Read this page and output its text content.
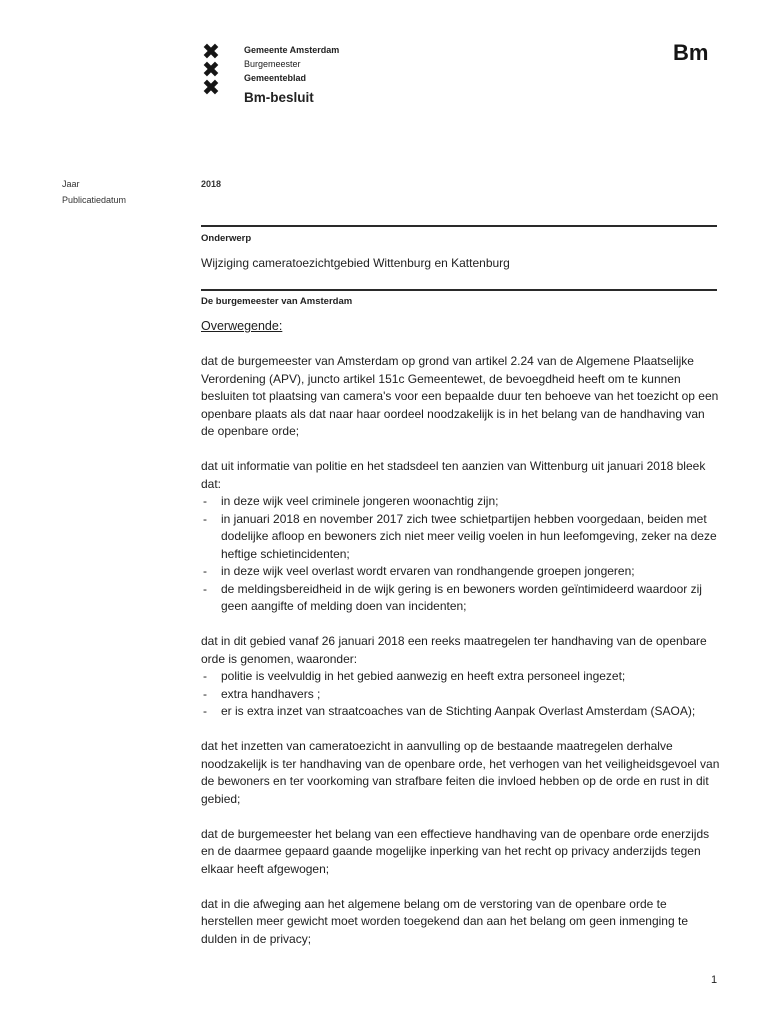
✖
✖
✖
Gemeente Amsterdam
Burgemeester
Gemeenteblad
Bm-besluit
Bm
Jaar
Publicatiedatum
2018
Onderwerp
Wijziging cameratoezichtgebied Wittenburg en Kattenburg
De burgemeester van Amsterdam

Overwegende:

dat de burgemeester van Amsterdam op grond van artikel 2.24 van de Algemene Plaatselijke Verordening (APV), juncto artikel 151c Gemeentewet, de bevoegdheid heeft om te kunnen besluiten tot plaatsing van camera's voor een bepaalde duur ten behoeve van het toezicht op een openbare plaats als dat naar haar oordeel noodzakelijk is in het belang van de handhaving van de openbare orde;

dat uit informatie van politie en het stadsdeel ten aanzien van Wittenburg uit januari 2018 bleek dat:
- in deze wijk veel criminele jongeren woonachtig zijn;
- in januari 2018 en november 2017 zich twee schietpartijen hebben voorgedaan, beiden met dodelijke afloop en bewoners zich niet meer veilig voelen in hun leefomgeving, zeker na deze heftige schietincidenten;
- in deze wijk veel overlast wordt ervaren van rondhangende groepen jongeren;
- de meldingsbereidheid in de wijk gering is en bewoners worden geïntimideerd waardoor zij geen aangifte of melding doen van incidenten;
dat in dit gebied vanaf 26 januari 2018 een reeks maatregelen ter handhaving van de openbare orde is genomen, waaronder:
- politie is veelvuldig in het gebied aanwezig en heeft extra personeel ingezet;
- extra handhavers ;
- er is extra inzet van straatcoaches van de Stichting Aanpak Overlast Amsterdam (SAOA);

dat het inzetten van cameratoezicht in aanvulling op de bestaande maatregelen derhalve noodzakelijk is ter handhaving van de openbare orde, het verhogen van het veiligheidsgevoel van de bewoners en ter voorkoming van strafbare feiten die invloed hebben op de orde en rust in dit gebied;

dat de burgemeester het belang van een effectieve handhaving van de openbare orde enerzijds en de daarmee gepaard gaande mogelijke inperking van het recht op privacy anderzijds tegen elkaar heeft afgewogen;

dat in die afweging aan het algemene belang om de verstoring van de openbare orde te herstellen meer gewicht moet worden toegekend dan aan het belang om geen inmenging te dulden in de privacy;

1
